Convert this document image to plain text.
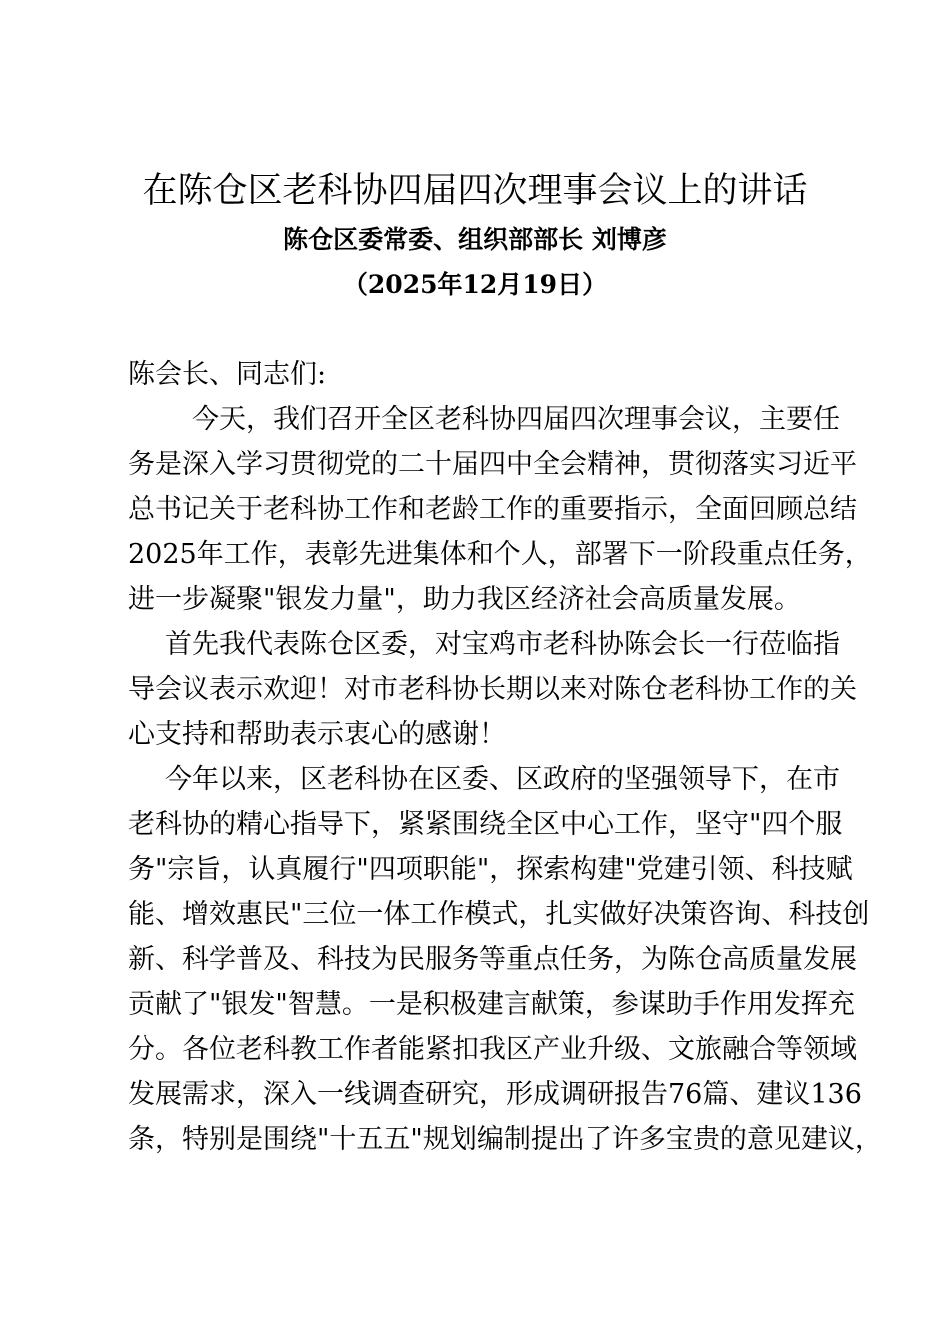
在陈仓区老科协四届四次理事会议上的讲话
陈仓区委常委、组织部部长 刘博彦
（2025年12月19日）
陈会长、同志们:
　今天，我们召开全区老科协四届四次理事会议，主要任
务是深入学习贯彻党的二十届四中全会精神，贯彻落实习近平
总书记关于老科协工作和老龄工作的重要指示，全面回顾总结
2025年工作，表彰先进集体和个人，部署下一阶段重点任务，
进一步凝聚"银发力量"，助力我区经济社会高质量发展。
首先我代表陈仓区委，对宝鸡市老科协陈会长一行莅临指
导会议表示欢迎！对市老科协长期以来对陈仓老科协工作的关
心支持和帮助表示衷心的感谢！
今年以来，区老科协在区委、区政府的坚强领导下，在市
老科协的精心指导下，紧紧围绕全区中心工作，坚守"四个服
务"宗旨，认真履行"四项职能"，探索构建"党建引领、科技赋
能、增效惠民"三位一体工作模式，扎实做好决策咨询、科技创
新、科学普及、科技为民服务等重点任务，为陈仓高质量发展
贡献了"银发"智慧。一是积极建言献策，参谋助手作用发挥充
分。各位老科教工作者能紧扣我区产业升级、文旅融合等领域
发展需求，深入一线调查研究，形成调研报告76篇、建议136
条，特别是围绕"十五五"规划编制提出了许多宝贵的意见建议，
